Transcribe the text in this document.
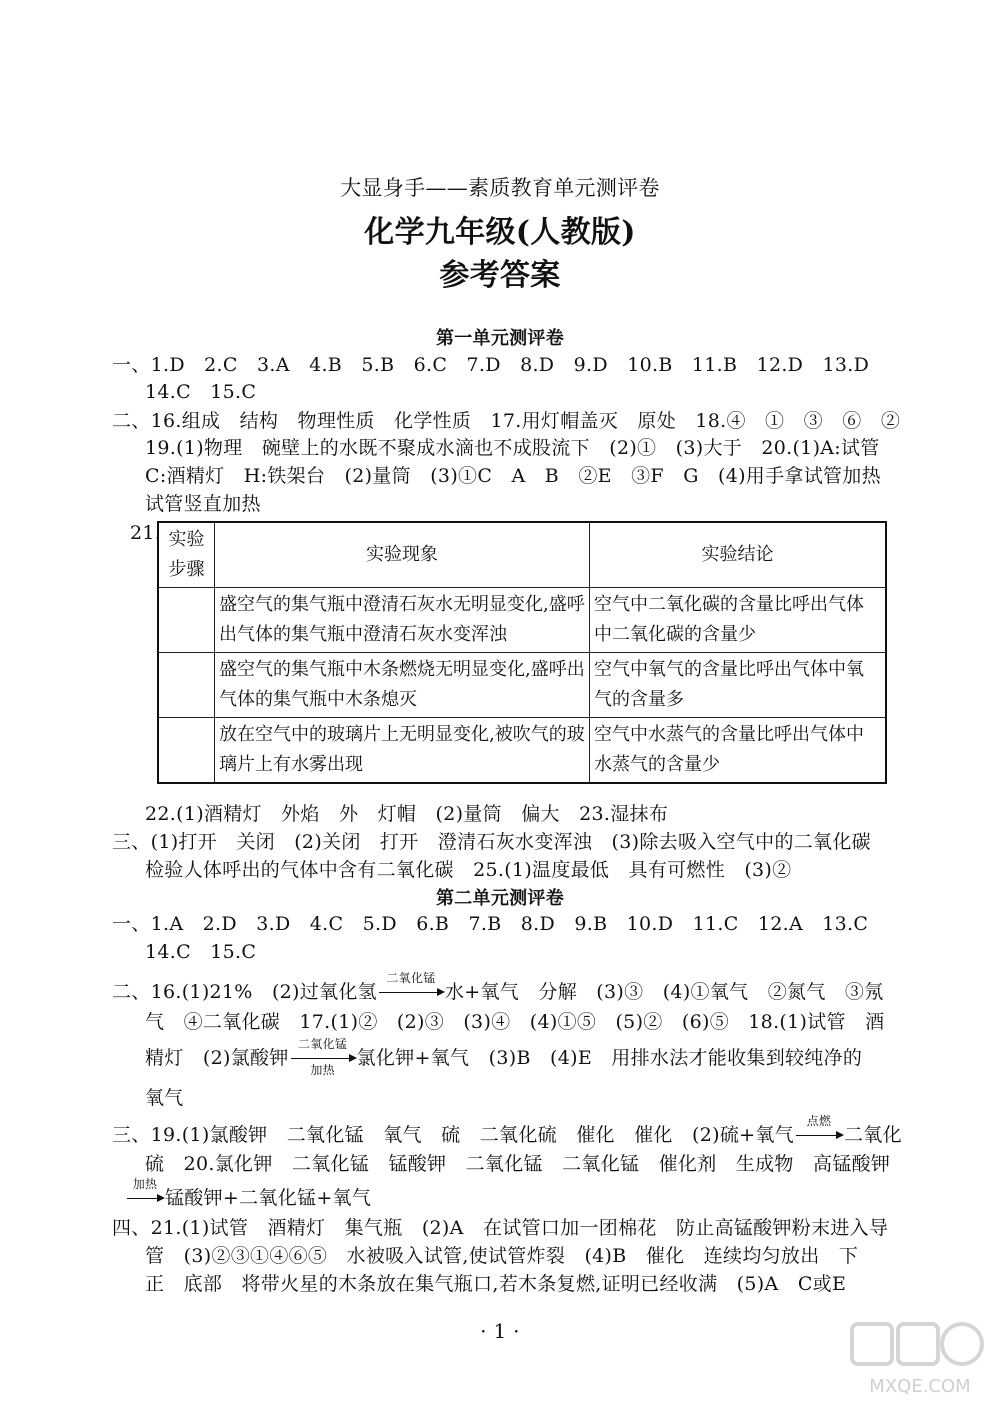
大显身手——素质教育单元测评卷
化学九年级(人教版)
参考答案
第一单元测评卷
一、1.D　2.C　3.A　4.B　5.B　6.C　7.D　8.D　9.D　10.B　11.B　12.D　13.D
14.C　15.C
二、16.组成　结构　物理性质　化学性质　17.用灯帽盖灭　原处　18.④　①　③　⑥　②
19.(1)物理　碗壁上的水既不聚成水滴也不成股流下　(2)①　(3)大于　20.(1)A:试管
C:酒精灯　H:铁架台　(2)量筒　(3)①C　A　B　②E　③F　G　(4)用手拿试管加热
试管竖直加热
21. 实验步骤	实验现象	实验结论
	盛空气的集气瓶中澄清石灰水无明显变化,盛呼出气体的集气瓶中澄清石灰水变浑浊	空气中二氧化碳的含量比呼出气体中二氧化碳的含量少
	盛空气的集气瓶中木条燃烧无明显变化,盛呼出气体的集气瓶中木条熄灭	空气中氧气的含量比呼出气体中氧气的含量多
	放在空气中的玻璃片上无明显变化,被吹气的玻璃片上有水雾出现	空气中水蒸气的含量比呼出气体中水蒸气的含量少
22.(1)酒精灯　外焰　外　灯帽　(2)量筒　偏大　23.湿抹布
三、(1)打开　关闭　(2)关闭　打开　澄清石灰水变浑浊　(3)除去吸入空气中的二氧化碳
检验人体呼出的气体中含有二氧化碳　25.(1)温度最低　具有可燃性　(3)②
第二单元测评卷
一、1.A　2.D　3.D　4.C　5.D　6.B　7.B　8.D　9.B　10.D　11.C　12.A　13.C
14.C　15.C
二、16.(1)21%　(2)过氧化氢
二氧化锰
水+氧气　分解　(3)③　(4)①氧气　②氮气　③氖
气　④二氧化碳　17.(1)②　(2)③　(3)④　(4)①⑤　(5)②　(6)⑤　18.(1)试管　酒
精灯　(2)氯酸钾
二氧化锰
加热
氯化钾+氧气　(3)B　(4)E　用排水法才能收集到较纯净的
氧气
三、19.(1)氯酸钾　二氧化锰　氧气　硫　二氧化硫　催化　催化　(2)硫+氧气
点燃
二氧化
硫　20.氯化钾　二氧化锰　锰酸钾　二氧化锰　二氧化锰　催化剂　生成物　高锰酸钾
加热
锰酸钾+二氧化锰+氧气
四、21.(1)试管　酒精灯　集气瓶　(2)A　在试管口加一团棉花　防止高锰酸钾粉末进入导
管　(3)②③①④⑥⑤　水被吸入试管,使试管炸裂　(4)B　催化　连续均匀放出　下
正　底部　将带火星的木条放在集气瓶口,若木条复燃,证明已经收满　(5)A　C或E
· 1 ·
MXQE.COM
